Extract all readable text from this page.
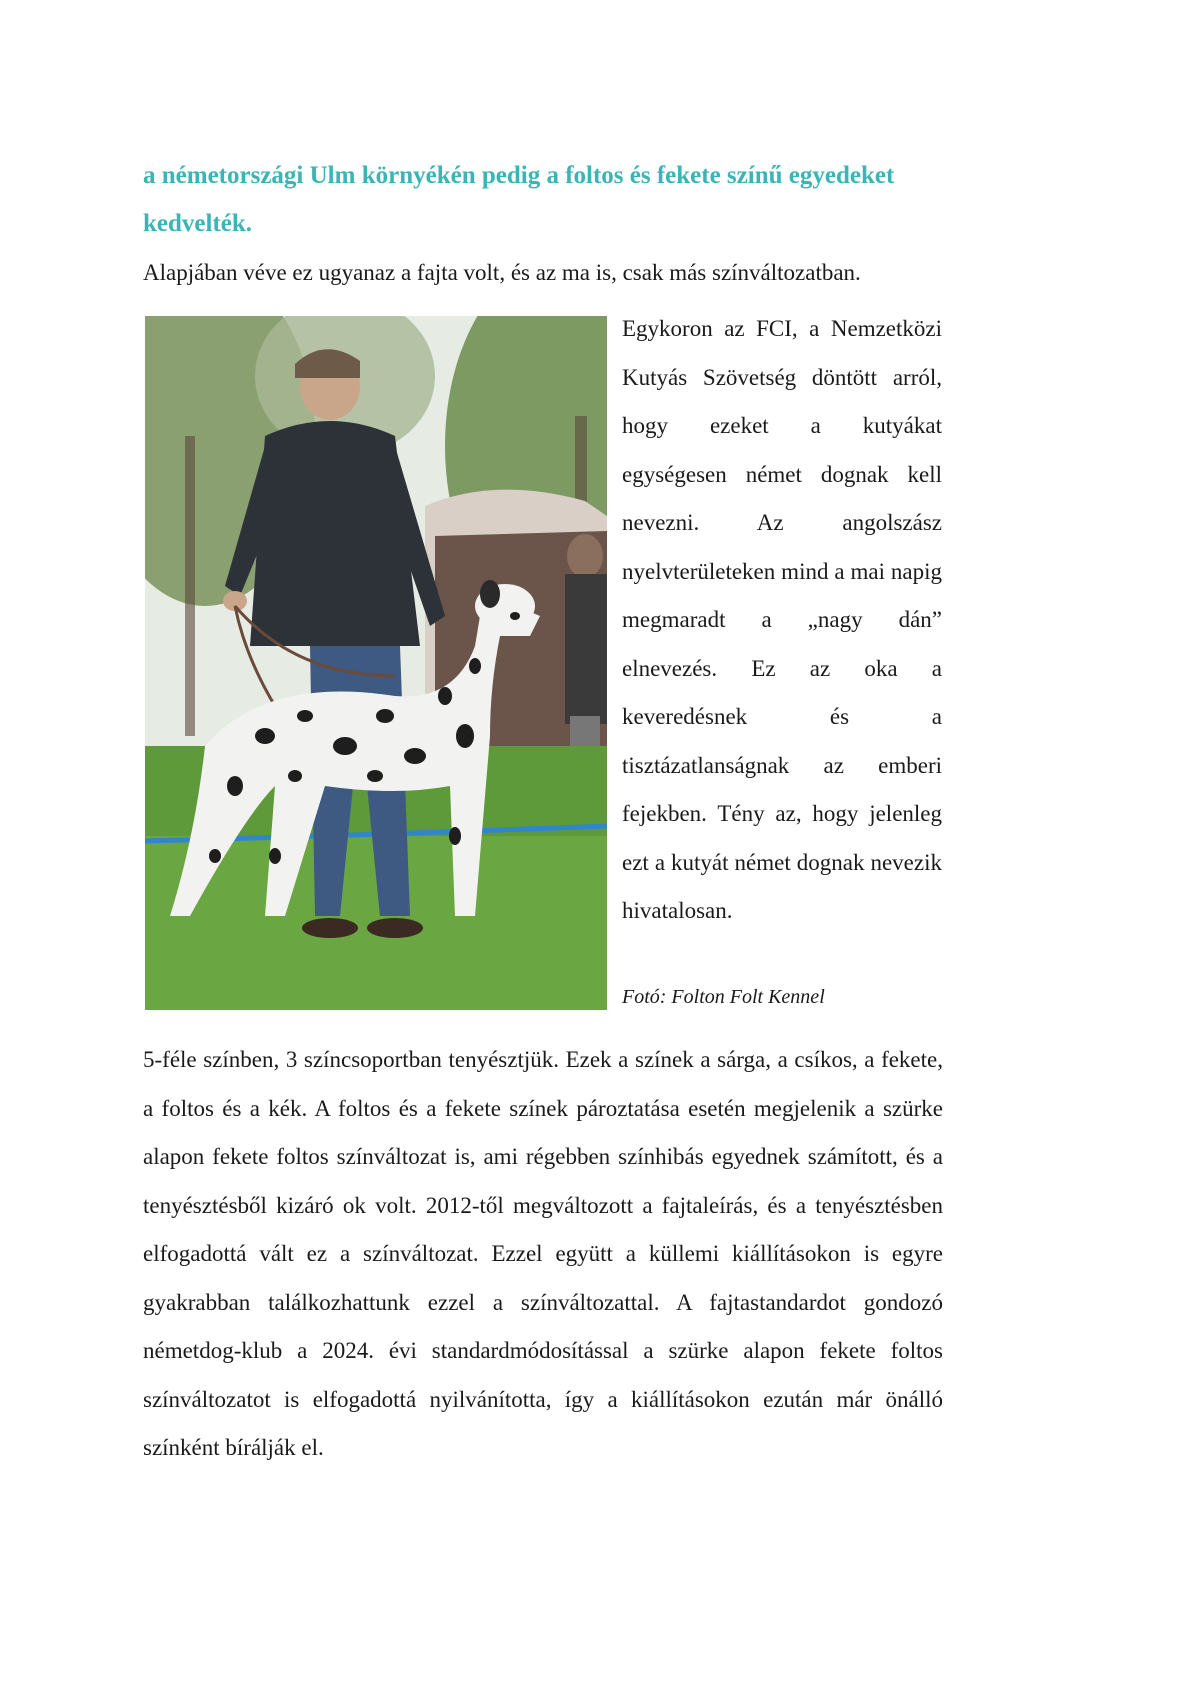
a németországi Ulm környékén pedig a foltos és fekete színű egyedeket kedvelték.

Alapjában véve ez ugyanaz a fajta volt, és az ma is, csak más színváltozatban.

Egykoron az FCI, a Nemzetközi Kutyás Szövetség döntött arról, hogy ezeket a kutyákat egységesen német dognak kell nevezni. Az angolszász nyelvterületeken mind a mai napig megmaradt a „nagy dán” elnevezés. Ez az oka a keveredésnek és a tisztázatlanságnak az emberi fejekben. Tény az, hogy jelenleg ezt a kutyát német dognak nevezik hivatalosan.

Fotó: Folton Folt Kennel

5-féle színben, 3 színcsoportban tenyésztjük. Ezek a színek a sárga, a csíkos, a fekete, a foltos és a kék. A foltos és a fekete színek pároztatása esetén megjelenik a szürke alapon fekete foltos színváltozat is, ami régebben színhibás egyednek számított, és a tenyésztésből kizáró ok volt. 2012-től megváltozott a fajtaleírás, és a tenyésztésben elfogadottá vált ez a színváltozat. Ezzel együtt a küllemi kiállításokon is egyre gyakrabban találkozhattunk ezzel a színváltozattal. A fajtastandardot gondozó németdog-klub a 2024. évi standardmódosítással a szürke alapon fekete foltos színváltozatot is elfogadottá nyilvánította, így a kiállításokon ezután már önálló színként bírálják el.
